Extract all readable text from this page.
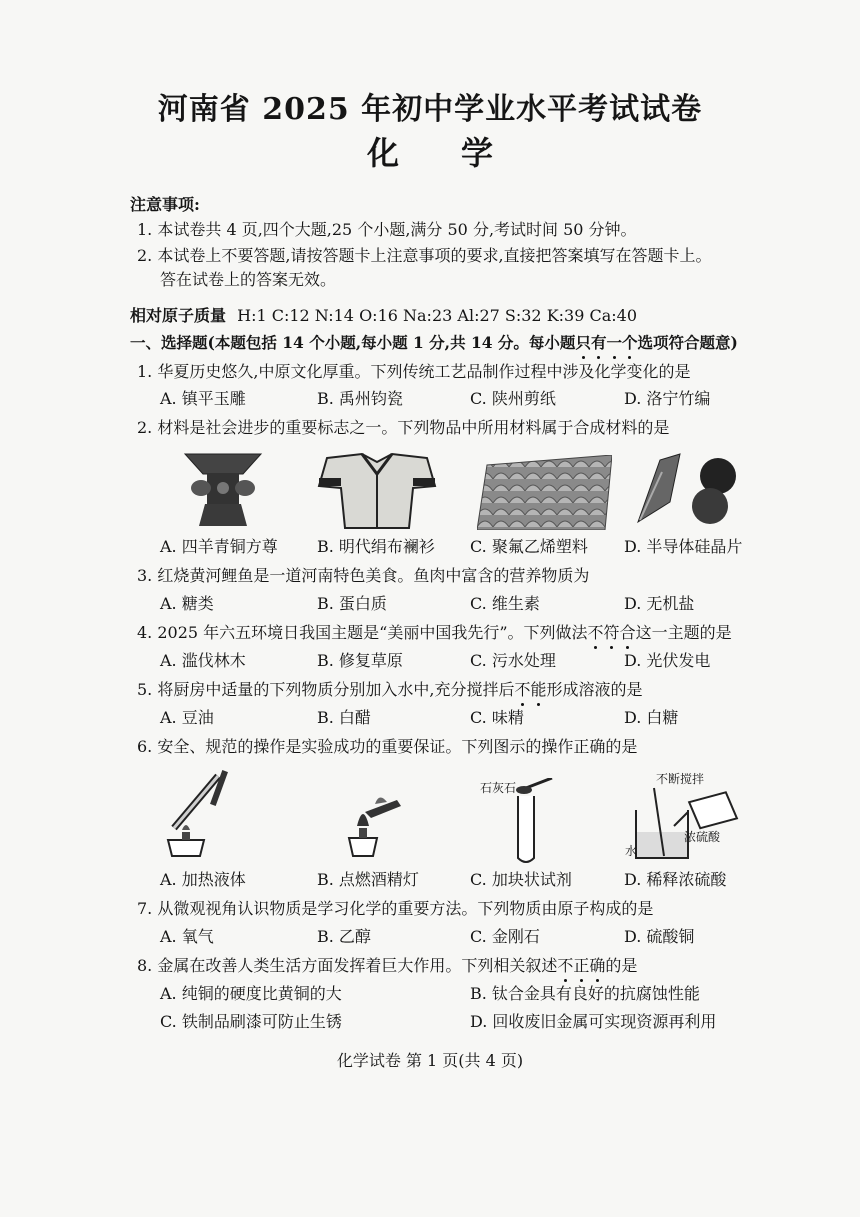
河南省 2025 年初中学业水平考试试卷
化学
注意事项:
1. 本试卷共 4 页,四个大题,25 个小题,满分 50 分,考试时间 50 分钟。
2. 本试卷上不要答题,请按答题卡上注意事项的要求,直接把答案填写在答题卡上。
答在试卷上的答案无效。
相对原子质量 H:1 C:12 N:14 O:16 Na:23 Al:27 S:32 K:39 Ca:40
一、选择题(本题包括 14 个小题,每小题 1 分,共 14 分。每小题只有一个选项符合题意)
1. 华夏历史悠久,中原文化厚重。下列传统工艺品制作过程中涉及化学变化的是
A. 镇平玉雕	B. 禹州钧瓷	C. 陕州剪纸	D. 洛宁竹编
2. 材料是社会进步的重要标志之一。下列物品中所用材料属于合成材料的是
A. 四羊青铜方尊 B. 明代绢布襕衫 C. 聚氟乙烯塑料 D. 半导体硅晶片
3. 红烧黄河鲤鱼是一道河南特色美食。鱼肉中富含的营养物质为
A. 糖类	B. 蛋白质	C. 维生素	D. 无机盐
4. 2025 年六五环境日我国主题是“美丽中国我先行”。下列做法不符合这一主题的是
A. 滥伐林木	B. 修复草原	C. 污水处理	D. 光伏发电
5. 将厨房中适量的下列物质分别加入水中,充分搅拌后不能形成溶液的是
A. 豆油	B. 白醋	C. 味精	D. 白糖
6. 安全、规范的操作是实验成功的重要保证。下列图示的操作正确的是
石灰石
不断搅拌
浓硫酸
水
A. 加热液体	B. 点燃酒精灯	C. 加块状试剂	D. 稀释浓硫酸
7. 从微观视角认识物质是学习化学的重要方法。下列物质由原子构成的是
A. 氧气	B. 乙醇	C. 金刚石	D. 硫酸铜
8. 金属在改善人类生活方面发挥着巨大作用。下列相关叙述不正确的是
A. 纯铜的硬度比黄铜的大	B. 钛合金具有良好的抗腐蚀性能
C. 铁制品刷漆可防止生锈	D. 回收废旧金属可实现资源再利用
化学试卷 第 1 页(共 4 页)
